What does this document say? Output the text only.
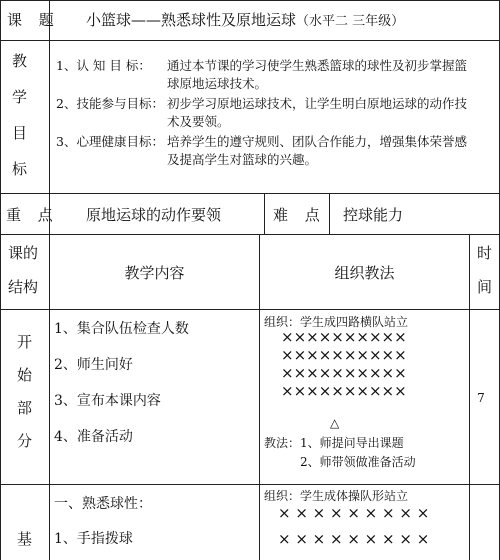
课 题 小篮球——熟悉球性及原地运球（水平二 三年级）
教
学
目
标
1、认 知 目 标： 通过本节课的学习使学生熟悉篮球的球性及初步掌握篮
球原地运球技术。
2、技能参与目标： 初步学习原地运球技术，让学生明白原地运球的动作技
术及要领。
3、心理健康目标： 培养学生的遵守规则、团队合作能力，增强集体荣誉感
及提高学生对篮球的兴趣。
重 点 原地运球的动作要领	难 点 控球能力
课的
结构
教学内容	组织教法
时
间
开
始
部
分
1、集合队伍检查人数
2、师生问好
3、宣布本课内容
4、准备活动
组织：学生成四路横队站立
××××××××××
××××××××××
××××××××××
××××××××××
△
教法：1、师提问导出课题
2、师带领做准备活动
7
基
一、熟悉球性：
1、手指拨球
组织：学生成体操队形站立
× × × × × × × × ×
× × × × × × × × ×
